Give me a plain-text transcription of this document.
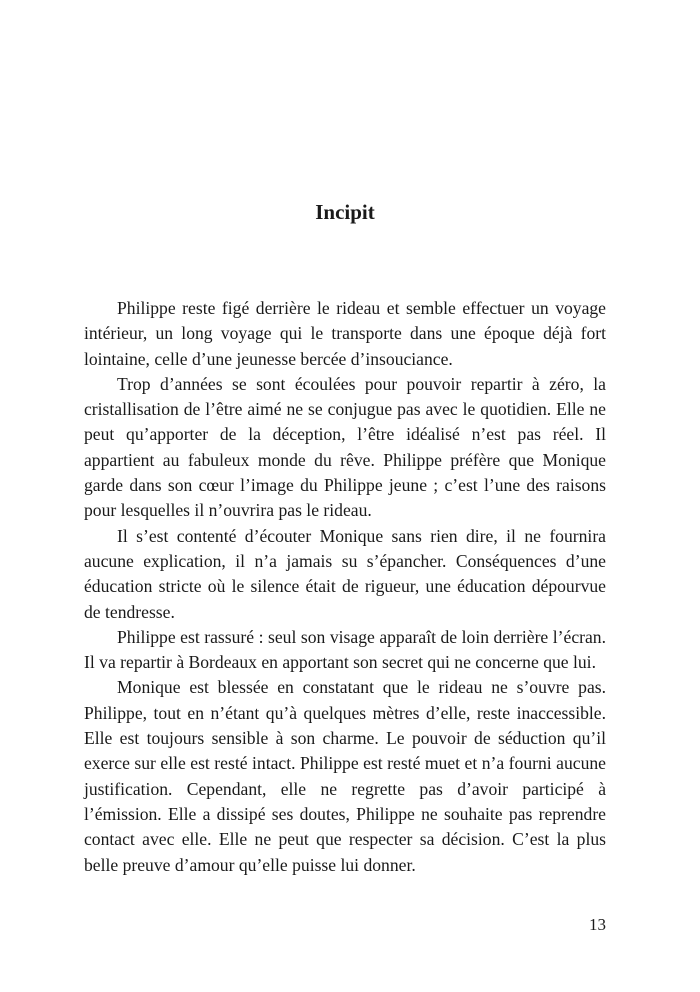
Incipit

Philippe reste figé derrière le rideau et semble effectuer un voyage intérieur, un long voyage qui le transporte dans une époque déjà fort lointaine, celle d’une jeunesse bercée d’insouciance.

Trop d’années se sont écoulées pour pouvoir repartir à zéro, la cristallisation de l’être aimé ne se conjugue pas avec le quotidien. Elle ne peut qu’apporter de la déception, l’être idéalisé n’est pas réel. Il appartient au fabuleux monde du rêve. Philippe préfère que Monique garde dans son cœur l’image du Philippe jeune ; c’est l’une des raisons pour lesquelles il n’ouvrira pas le rideau.

Il s’est contenté d’écouter Monique sans rien dire, il ne fournira aucune explication, il n’a jamais su s’épancher. Conséquences d’une éducation stricte où le silence était de rigueur, une éducation dépourvue de tendresse.

Philippe est rassuré : seul son visage apparaît de loin derrière l’écran. Il va repartir à Bordeaux en apportant son secret qui ne concerne que lui.

Monique est blessée en constatant que le rideau ne s’ouvre pas. Philippe, tout en n’étant qu’à quelques mètres d’elle, reste inaccessible. Elle est toujours sensible à son charme. Le pouvoir de séduction qu’il exerce sur elle est resté intact. Philippe est resté muet et n’a fourni aucune justification. Cependant, elle ne regrette pas d’avoir participé à l’émission. Elle a dissipé ses doutes, Philippe ne souhaite pas reprendre contact avec elle. Elle ne peut que respecter sa décision. C’est la plus belle preuve d’amour qu’elle puisse lui donner.

13
